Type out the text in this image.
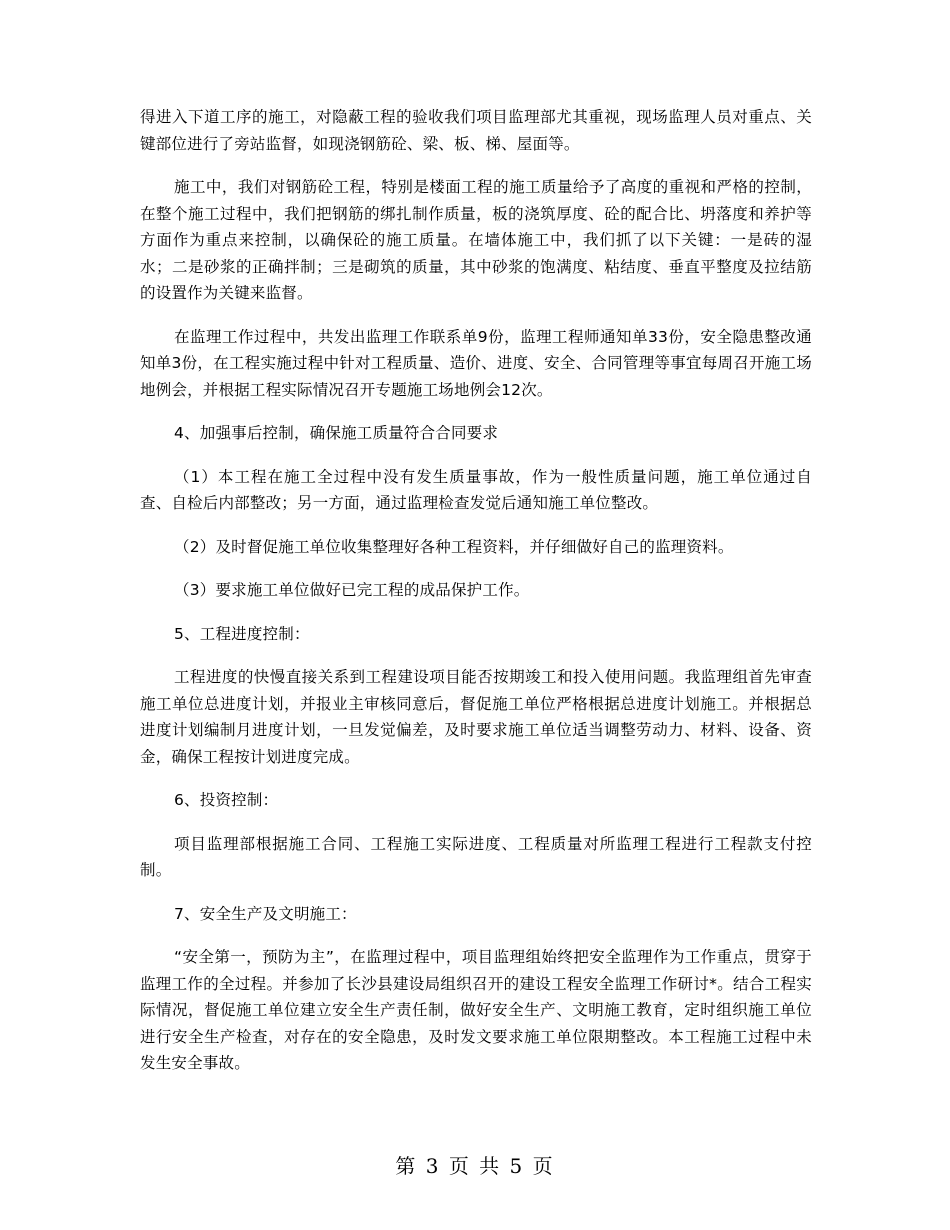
得进入下道工序的施工，对隐蔽工程的验收我们项目监理部尤其重视，现场监理人员对重点、关键部位进行了旁站监督，如现浇钢筋砼、梁、板、梯、屋面等。

施工中，我们对钢筋砼工程，特别是楼面工程的施工质量给予了高度的重视和严格的控制，在整个施工过程中，我们把钢筋的绑扎制作质量，板的浇筑厚度、砼的配合比、坍落度和养护等方面作为重点来控制，以确保砼的施工质量。在墙体施工中，我们抓了以下关键：一是砖的湿水；二是砂浆的正确拌制；三是砌筑的质量，其中砂浆的饱满度、粘结度、垂直平整度及拉结筋的设置作为关键来监督。

在监理工作过程中，共发出监理工作联系单9份，监理工程师通知单33份，安全隐患整改通知单3份，在工程实施过程中针对工程质量、造价、进度、安全、合同管理等事宜每周召开施工场地例会，并根据工程实际情况召开专题施工场地例会12次。

4、加强事后控制，确保施工质量符合合同要求

（1）本工程在施工全过程中没有发生质量事故，作为一般性质量问题，施工单位通过自查、自检后内部整改；另一方面，通过监理检查发觉后通知施工单位整改。

（2）及时督促施工单位收集整理好各种工程资料，并仔细做好自己的监理资料。

（3）要求施工单位做好已完工程的成品保护工作。

5、工程进度控制：

工程进度的快慢直接关系到工程建设项目能否按期竣工和投入使用问题。我监理组首先审查施工单位总进度计划，并报业主审核同意后，督促施工单位严格根据总进度计划施工。并根据总进度计划编制月进度计划，一旦发觉偏差，及时要求施工单位适当调整劳动力、材料、设备、资金，确保工程按计划进度完成。

6、投资控制：

项目监理部根据施工合同、工程施工实际进度、工程质量对所监理工程进行工程款支付控制。

7、安全生产及文明施工：

“安全第一，预防为主”，在监理过程中，项目监理组始终把安全监理作为工作重点，贯穿于监理工作的全过程。并参加了长沙县建设局组织召开的建设工程安全监理工作研讨*。结合工程实际情况，督促施工单位建立安全生产责任制，做好安全生产、文明施工教育，定时组织施工单位进行安全生产检查，对存在的安全隐患，及时发文要求施工单位限期整改。本工程施工过程中未发生安全事故。

第 3 页 共 5 页
